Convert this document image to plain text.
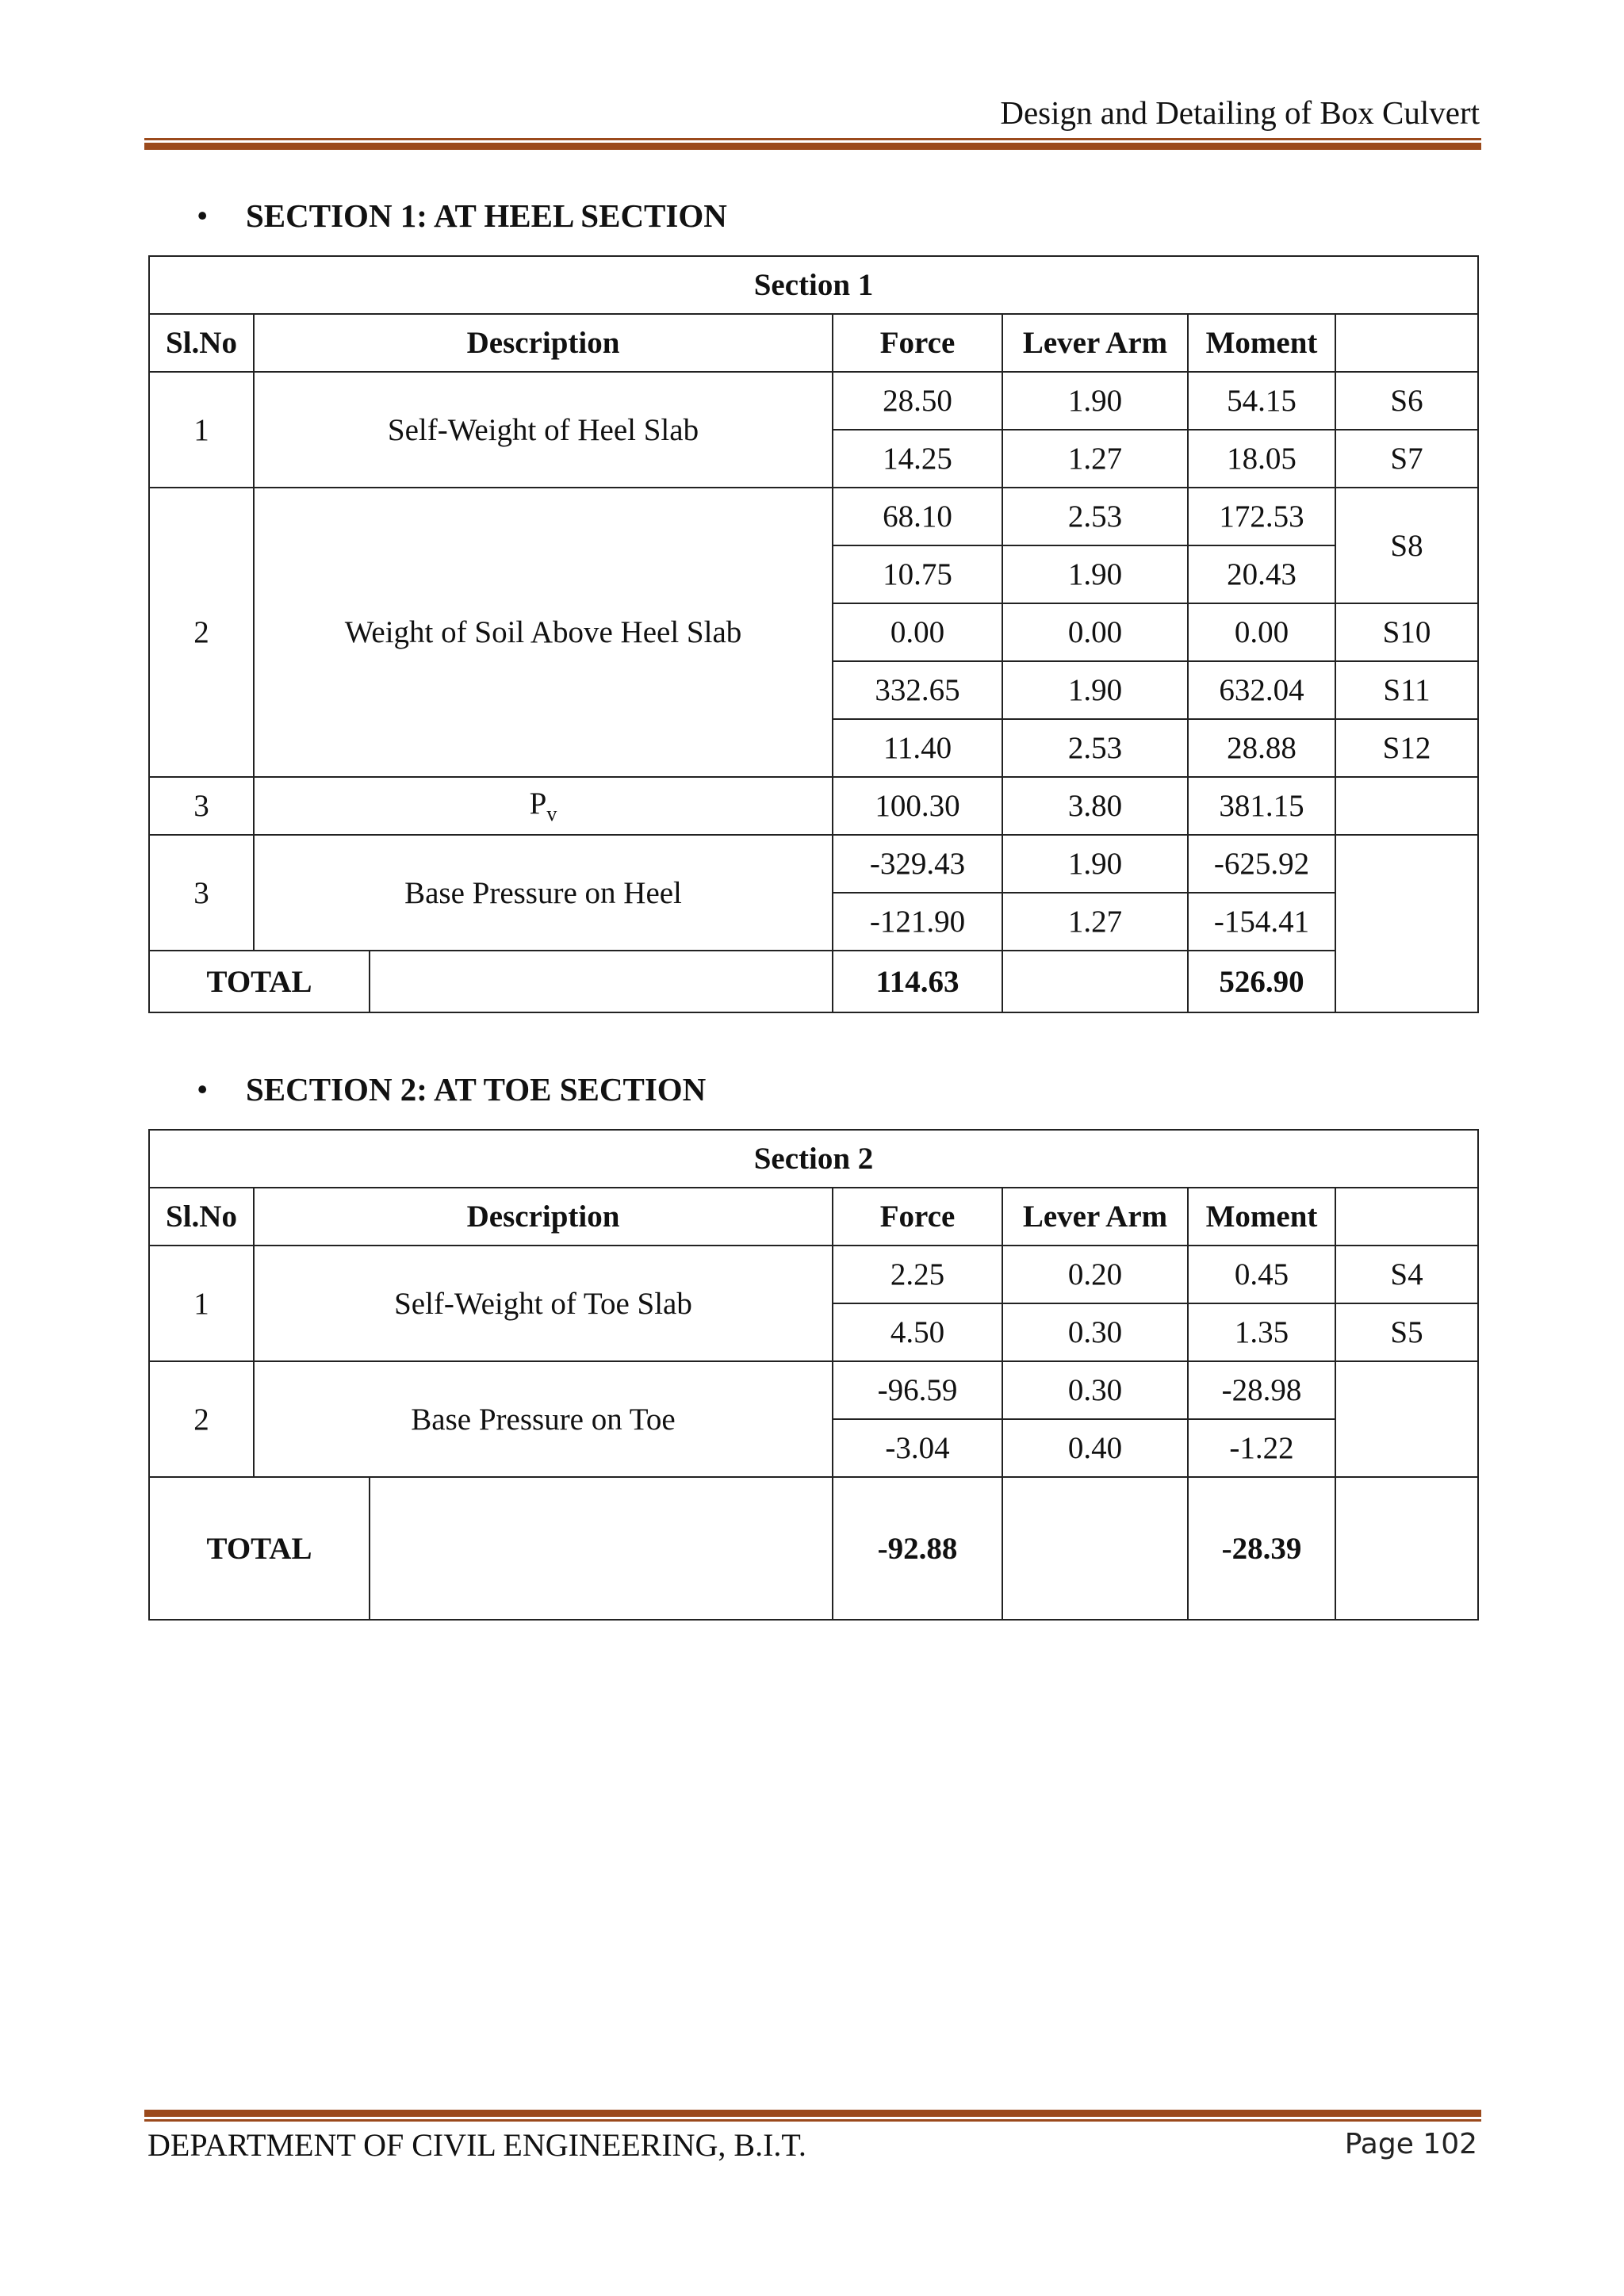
Design and Detailing of Box Culvert
• SECTION 1: AT HEEL SECTION
Section 1						
Sl.No	Description		Force	Lever Arm	Moment	
1	Self-Weight of Heel Slab		28.50	1.90	54.15	S6
			14.25	1.27	18.05	S7
2	Weight of Soil Above Heel Slab		68.10	2.53	172.53	S8
			10.75	1.90	20.43	
			0.00	0.00	0.00	S10
			332.65	1.90	632.04	S11
			11.40	2.53	28.88	S12
3	$P_v$		100.30	3.80	381.15	
3	Base Pressure on Heel		-329.43	1.90	-625.92	
			-121.90	1.27	-154.41	
TOTAL			114.63		526.90	
• SECTION 2: AT TOE SECTION
Section 2						
Sl.No	Description		Force	Lever Arm	Moment	
1	Self-Weight of Toe Slab		2.25	0.20	0.45	S4
			4.50	0.30	1.35	S5
2	Base Pressure on Toe		-96.59	0.30	-28.98	
			-3.04	0.40	-1.22	
TOTAL			-92.88		-28.39	
DEPARTMENT OF CIVIL ENGINEERING, B.I.T.	Page 102
